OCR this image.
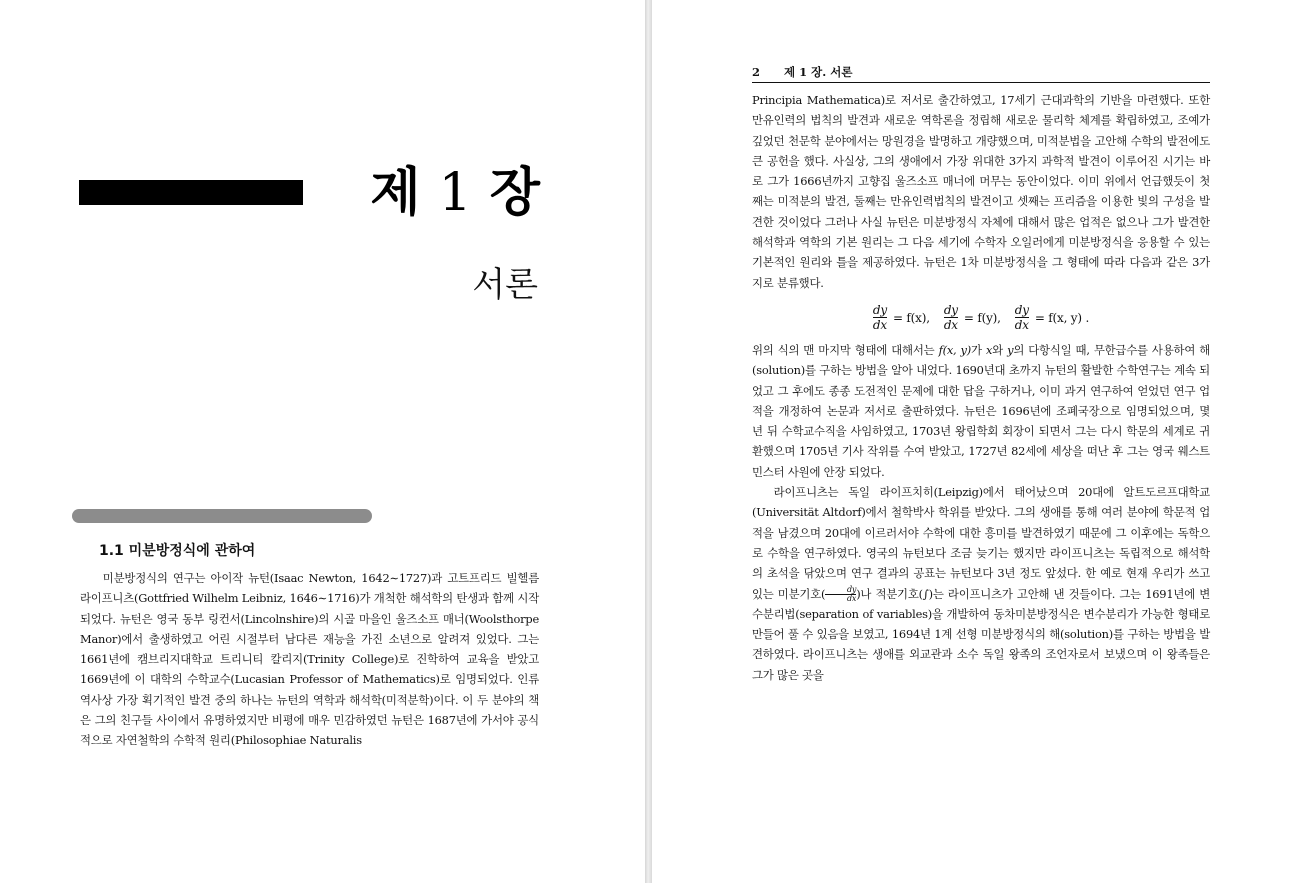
제 1 장
서론
1.1 미분방정식에 관하여
미분방정식의 연구는 아이작 뉴턴(Isaac Newton, 1642∼1727)과 고트프리드 빌헬름 라이프니츠(Gottfried Wilhelm Leibniz, 1646∼1716)가 개척한 해석학의 탄생과 함께 시작되었다. 뉴턴은 영국 동부 링컨서(Lincolnshire)의 시골 마을인 울즈소프 매너(Woolsthorpe Manor)에서 출생하였고 어린 시절부터 남다른 재능을 가진 소년으로 알려져 있었다. 그는 1661년에 캠브리지대학교 트리니티 칼리지(Trinity College)로 진학하여 교육을 받았고 1669년에 이 대학의 수학교수(Lucasian Professor of Mathematics)로 임명되었다. 인류 역사상 가장 획기적인 발견 중의 하나는 뉴턴의 역학과 해석학(미적분학)이다. 이 두 분야의 책은 그의 친구들 사이에서 유명하였지만 비평에 매우 민감하였던 뉴턴은 1687년에 가서야 공식적으로 자연철학의 수학적 원리(Philosophiae Naturalis
2 제 1 장. 서론

Principia Mathematica)로 저서로 출간하였고, 17세기 근대과학의 기반을 마련했다. 또한 만유인력의 법칙의 발견과 새로운 역학론을 정립해 새로운 물리학 체계를 확립하였고, 조예가 깊었던 천문학 분야에서는 망원경을 발명하고 개량했으며, 미적분법을 고안해 수학의 발전에도 큰 공헌을 했다. 사실상, 그의 생애에서 가장 위대한 3가지 과학적 발견이 이루어진 시기는 바로 그가 1666년까지 고향집 울즈소프 매너에 머무는 동안이었다. 이미 위에서 언급했듯이 첫째는 미적분의 발견, 둘째는 만유인력법칙의 발견이고 셋째는 프리즘을 이용한 빛의 구성을 발견한 것이었다 그러나 사실 뉴턴은 미분방정식 자체에 대해서 많은 업적은 없으나 그가 발견한 해석학과 역학의 기본 원리는 그 다음 세기에 수학자 오일러에게 미분방정식을 응용할 수 있는 기본적인 원리와 틀을 제공하였다. 뉴턴은 1차 미분방정식을 그 형태에 따라 다음과 같은 3가지로 분류했다.

$\frac{dy}{dx} = f(x)$, $\frac{dy}{dx} = f(y)$, $\frac{dy}{dx} = f(x$, y) .

위의 식의 맨 마지막 형태에 대해서는 f(x, y)가 x와 y의 다항식일 때, 무한급수를 사용하여 해(solution)를 구하는 방법을 알아 내었다. 1690년대 초까지 뉴턴의 활발한 수학연구는 계속 되었고 그 후에도 종종 도전적인 문제에 대한 답을 구하거나, 이미 과거 연구하여 얻었던 연구 업적을 개정하여 논문과 저서로 출판하였다. 뉴턴은 1696년에 조폐국장으로 임명되었으며, 몇 년 뒤 수학교수직을 사임하였고, 1703년 왕립학회 회장이 되면서 그는 다시 학문의 세계로 귀환했으며 1705년 기사 작위를 수여 받았고, 1727년 82세에 세상을 떠난 후 그는 영국 웨스트민스터 사원에 안장 되었다.

라이프니츠는 독일 라이프치히(Leipzig)에서 태어났으며 20대에 알트도르프대학교(Universität Altdorf)에서 철학박사 학위를 받았다. 그의 생애를 통해 여러 분야에 학문적 업적을 남겼으며 20대에 이르러서야 수학에 대한 흥미를 발견하였기 때문에 그 이후에는 독학으로 수학을 연구하였다. 영국의 뉴턴보다 조금 늦기는 했지만 라이프니츠는 독립적으로 해석학의 초석을 닦았으며 연구 결과의 공표는 뉴턴보다 3년 정도 앞섰다. 한 예로 현재 우리가 쓰고 있는 미분기호( $\frac{dy}{dx}$ )나 적분기호(∫)는 라이프니츠가 고안해 낸 것들이다. 그는 1691년에 변수분리법(separation of variables)을 개발하여 동차미분방정식은 변수분리가 가능한 형태로 만들어 풀 수 있음을 보였고, 1694년 1계 선형 미분방정식의 해(solution)를 구하는 방법을 발견하였다. 라이프니츠는 생애를 외교관과 소수 독일 왕족의 조언자로서 보냈으며 이 왕족들은 그가 많은 곳을
